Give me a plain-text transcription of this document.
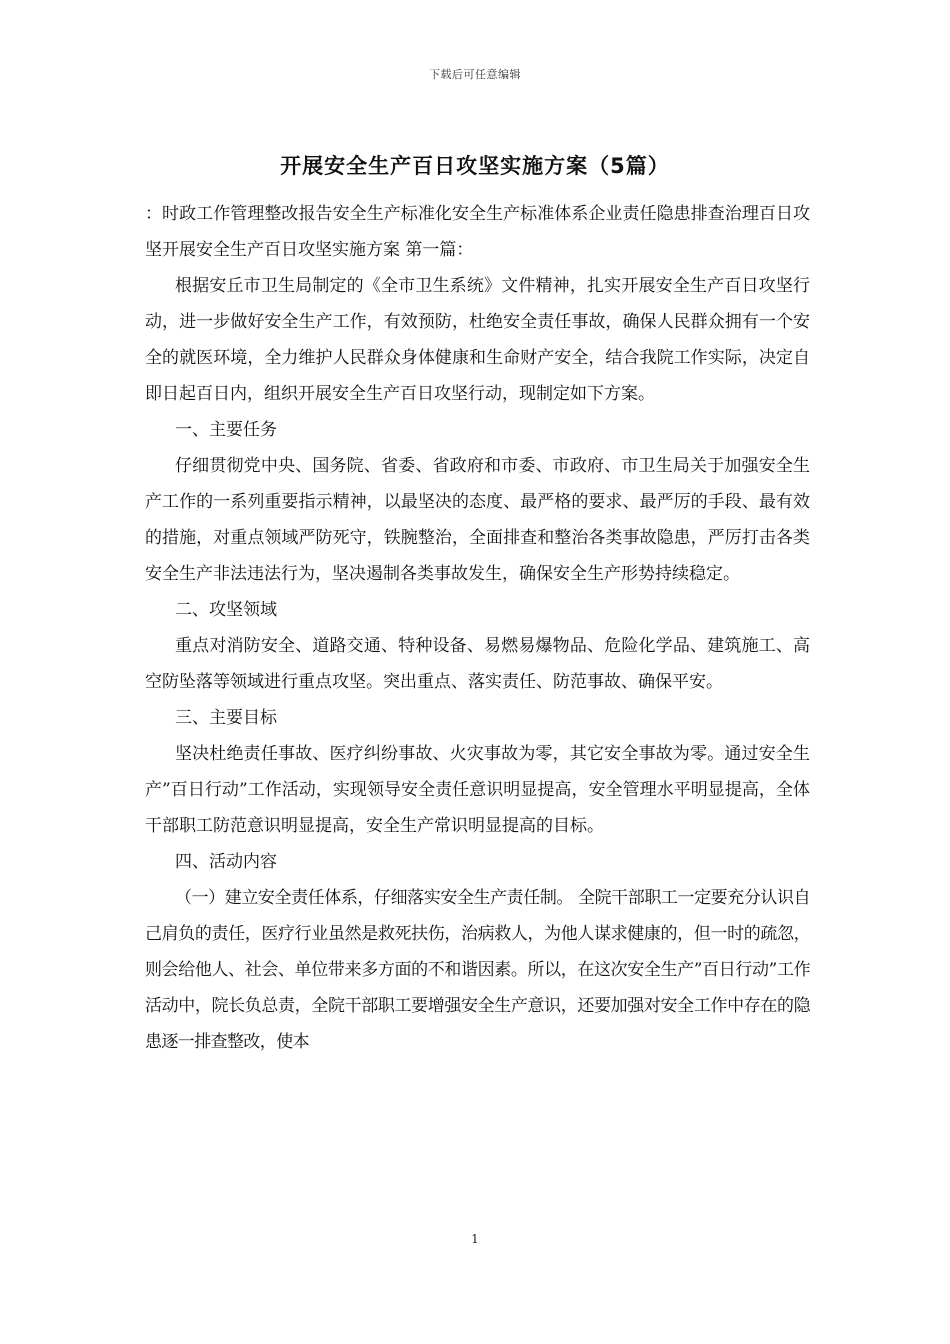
下载后可任意编辑
开展安全生产百日攻坚实施方案（5篇）

：时政工作管理整改报告安全生产标准化安全生产标准体系企业责任隐患排查治理百日攻坚开展安全生产百日攻坚实施方案 第一篇：

根据安丘市卫生局制定的《全市卫生系统》文件精神，扎实开展安全生产百日攻坚行动，进一步做好安全生产工作，有效预防，杜绝安全责任事故，确保人民群众拥有一个安全的就医环境，全力维护人民群众身体健康和生命财产安全，结合我院工作实际，决定自即日起百日内，组织开展安全生产百日攻坚行动，现制定如下方案。

一、主要任务

仔细贯彻党中央、国务院、省委、省政府和市委、市政府、市卫生局关于加强安全生产工作的一系列重要指示精神，以最坚决的态度、最严格的要求、最严厉的手段、最有效的措施，对重点领域严防死守，铁腕整治，全面排查和整治各类事故隐患，严厉打击各类安全生产非法违法行为，坚决遏制各类事故发生，确保安全生产形势持续稳定。

二、攻坚领域

重点对消防安全、道路交通、特种设备、易燃易爆物品、危险化学品、建筑施工、高空防坠落等领域进行重点攻坚。突出重点、落实责任、防范事故、确保平安。

三、主要目标

坚决杜绝责任事故、医疗纠纷事故、火灾事故为零，其它安全事故为零。通过安全生产”百日行动”工作活动，实现领导安全责任意识明显提高，安全管理水平明显提高，全体干部职工防范意识明显提高，安全生产常识明显提高的目标。

四、活动内容

（一）建立安全责任体系，仔细落实安全生产责任制。 全院干部职工一定要充分认识自己肩负的责任，医疗行业虽然是救死扶伤，治病救人，为他人谋求健康的，但一时的疏忽，则会给他人、社会、单位带来多方面的不和谐因素。所以，在这次安全生产”百日行动”工作活动中，院长负总责，全院干部职工要增强安全生产意识，还要加强对安全工作中存在的隐患逐一排查整改，使本

1
